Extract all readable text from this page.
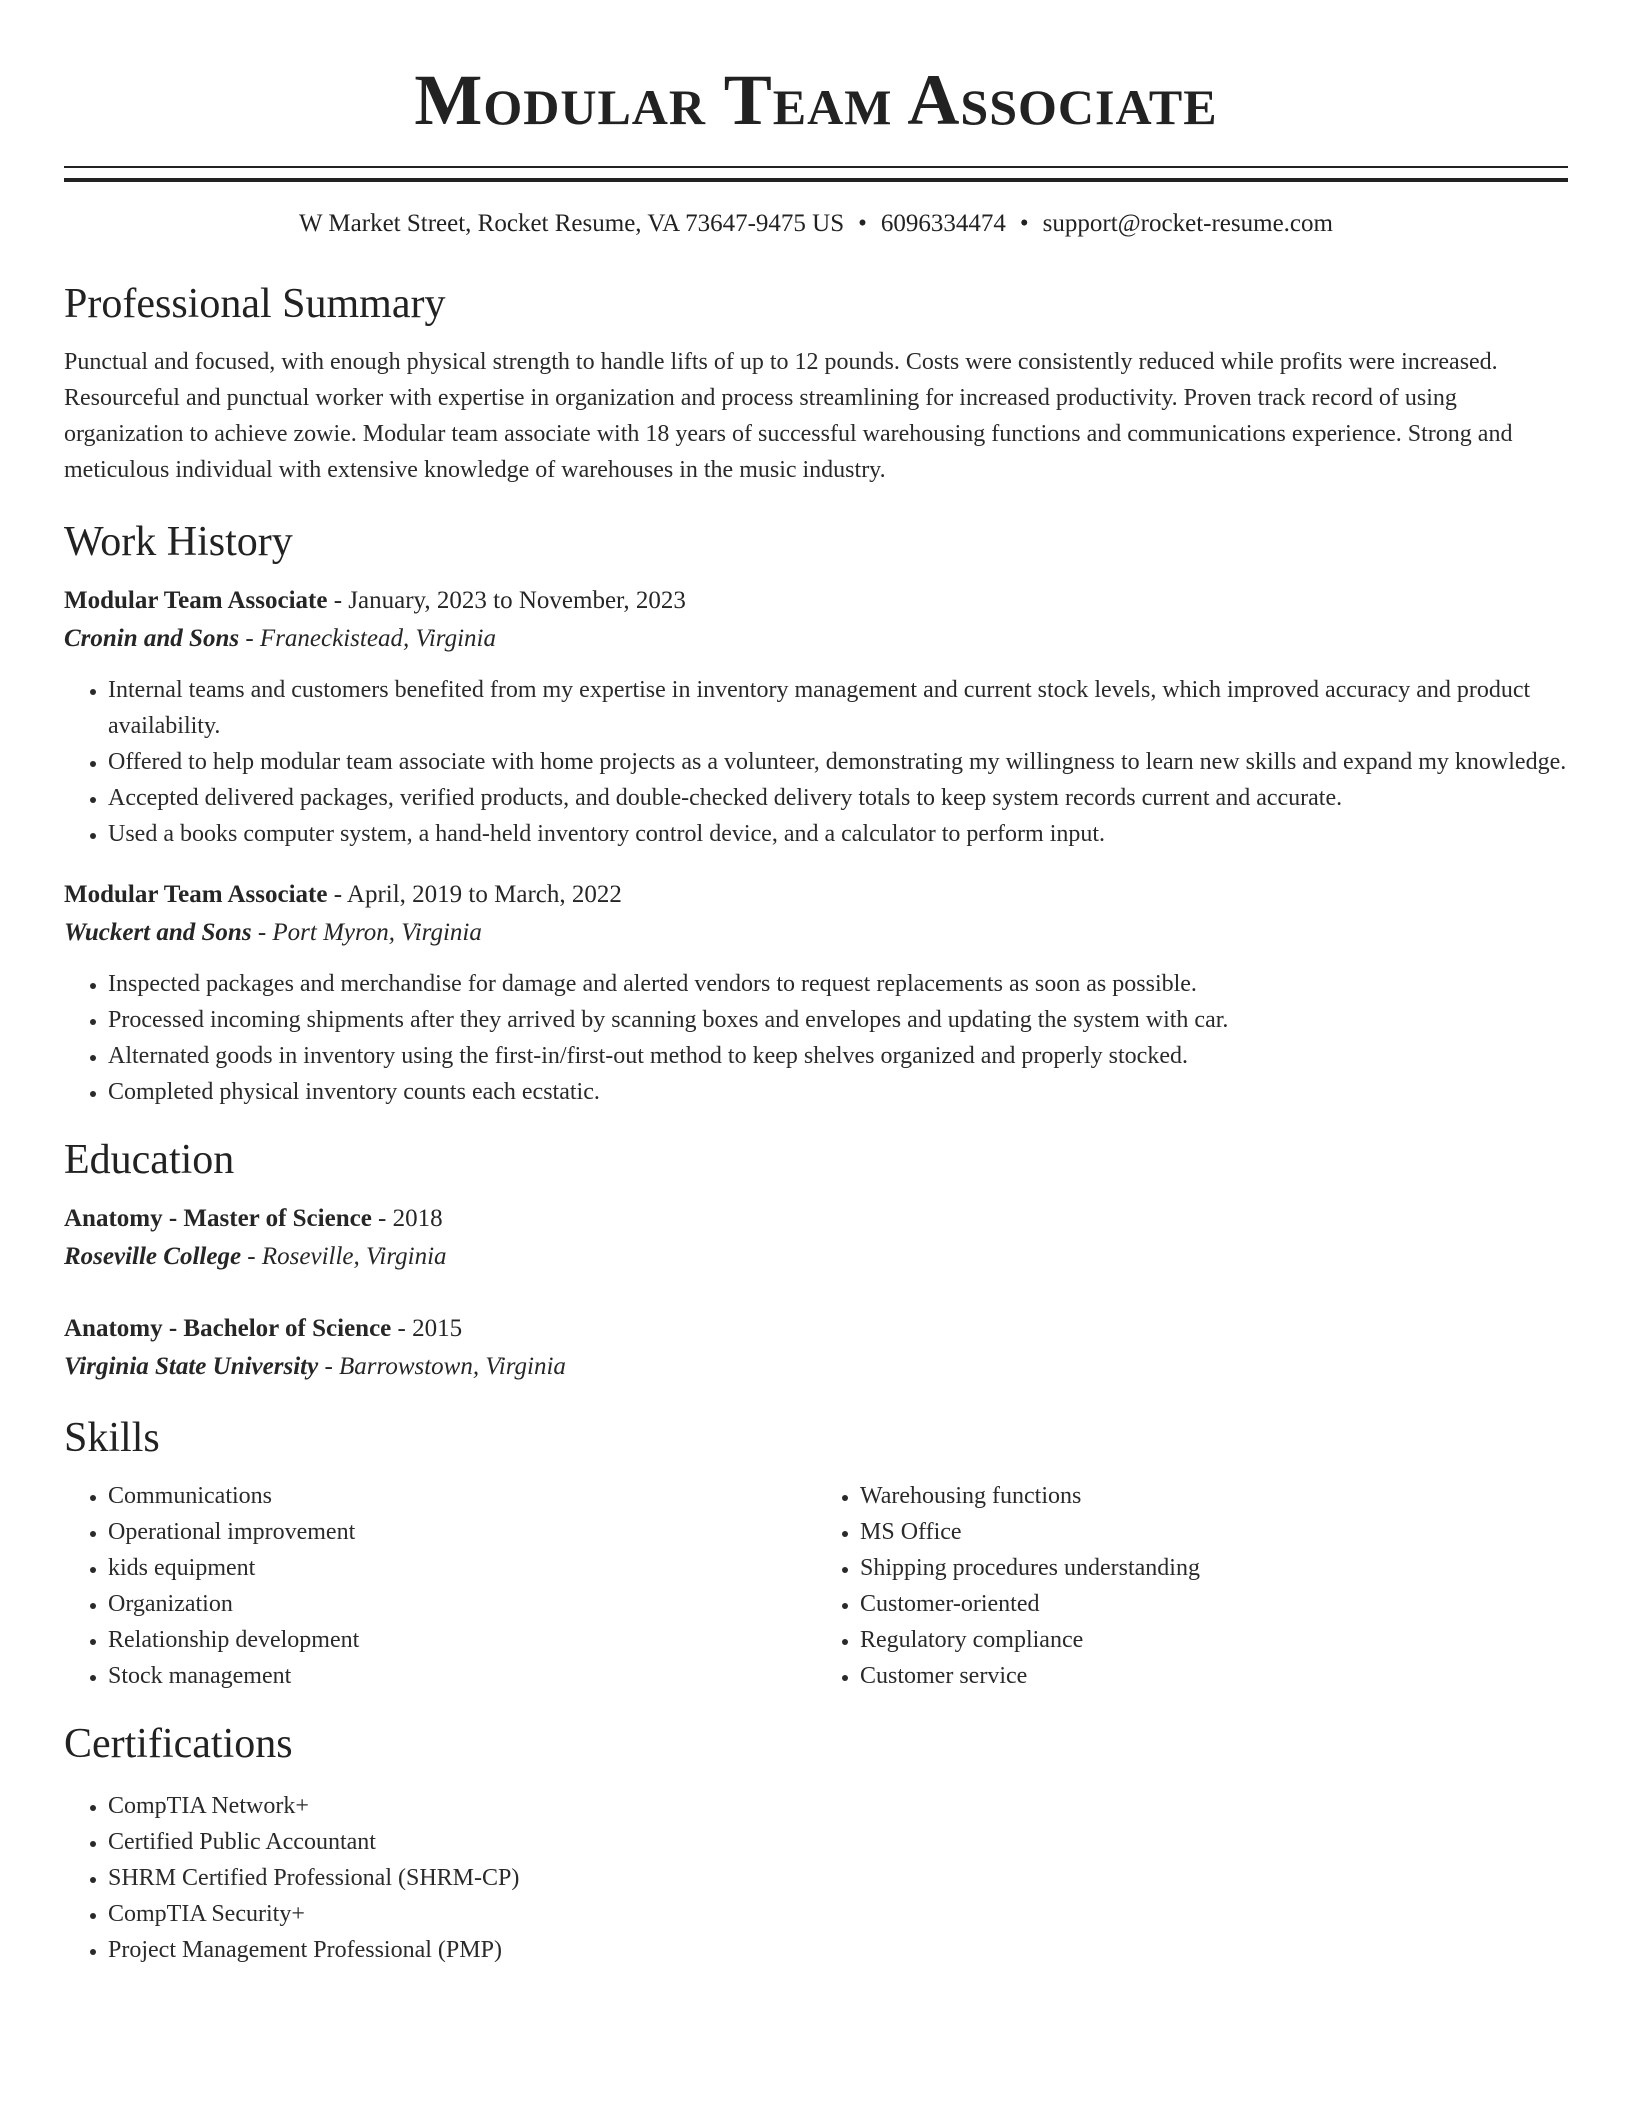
Modular Team Associate
W Market Street, Rocket Resume, VA 73647-9475 US • 6096334474 • support@rocket-resume.com
Professional Summary
Punctual and focused, with enough physical strength to handle lifts of up to 12 pounds. Costs were consistently reduced while profits were increased. Resourceful and punctual worker with expertise in organization and process streamlining for increased productivity. Proven track record of using organization to achieve zowie. Modular team associate with 18 years of successful warehousing functions and communications experience. Strong and meticulous individual with extensive knowledge of warehouses in the music industry.
Work History
Modular Team Associate - January, 2023 to November, 2023
Cronin and Sons - Franeckistead, Virginia
• Internal teams and customers benefited from my expertise in inventory management and current stock levels, which improved accuracy and product availability.
• Offered to help modular team associate with home projects as a volunteer, demonstrating my willingness to learn new skills and expand my knowledge.
• Accepted delivered packages, verified products, and double-checked delivery totals to keep system records current and accurate.
• Used a books computer system, a hand-held inventory control device, and a calculator to perform input.
Modular Team Associate - April, 2019 to March, 2022
Wuckert and Sons - Port Myron, Virginia
• Inspected packages and merchandise for damage and alerted vendors to request replacements as soon as possible.
• Processed incoming shipments after they arrived by scanning boxes and envelopes and updating the system with car.
• Alternated goods in inventory using the first-in/first-out method to keep shelves organized and properly stocked.
• Completed physical inventory counts each ecstatic.
Education
Anatomy - Master of Science - 2018
Roseville College - Roseville, Virginia
Anatomy - Bachelor of Science - 2015
Virginia State University - Barrowstown, Virginia
Skills
• Communications
• Operational improvement
• kids equipment
• Organization
• Relationship development
• Stock management
• Warehousing functions
• MS Office
• Shipping procedures understanding
• Customer-oriented
• Regulatory compliance
• Customer service
Certifications
• CompTIA Network+
• Certified Public Accountant
• SHRM Certified Professional (SHRM-CP)
• CompTIA Security+
• Project Management Professional (PMP)
